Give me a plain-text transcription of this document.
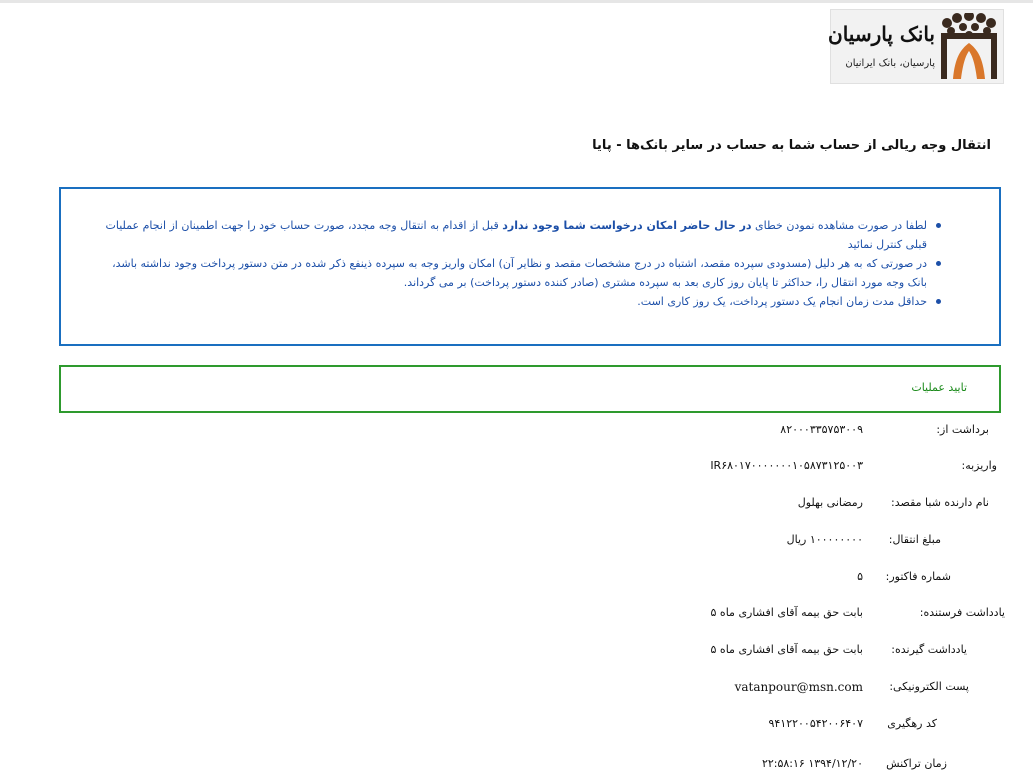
بانک پارسیان
پارسیان، بانک ایرانیان
انتقال وجه ریالی از حساب شما به حساب در سایر بانک‌ها - پایا
لطفا در صورت مشاهده نمودن خطای در حال حاضر امکان درخواست شما وجود ندارد قبل از اقدام به انتقال وجه مجدد، صورت حساب خود را جهت اطمینان از انجام عملیات قبلی کنترل نمائید
در صورتی که به هر دلیل (مسدودی سپرده مقصد، اشتباه در درج مشخصات مقصد و نظایر آن) امکان واریز وجه به سپرده ذینفع ذکر شده در متن دستور پرداخت وجود نداشته باشد، بانک وجه مورد انتقال را، حداکثر تا پایان روز کاری بعد به سپرده مشتری (صادر کننده دستور پرداخت) بر می گرداند.
حداقل مدت زمان انجام یک دستور پرداخت، یک روز کاری است.
تایید عملیات
برداشت از:
۸۲۰۰۰۳۳۵۷۵۳۰۰۹
واریزبه:
IR۶۸۰۱۷۰۰۰۰۰۰۰۱۰۵۸۷۳۱۲۵۰۰۳
نام دارنده شبا مقصد:
رمضانی بهلول
مبلغ انتقال:
۱۰۰۰۰۰۰۰۰ ریال
شماره فاکتور:
۵
یادداشت فرستنده:
بابت حق بیمه آقای افشاری ماه ۵
یادداشت گیرنده:
بابت حق بیمه آقای افشاری ماه ۵
پست الکترونیکی:
vatanpour@msn.com
کد رهگیری
۹۴۱۲۲۰۰۵۴۲۰۰۶۴۰۷
زمان تراکنش
۱۳۹۴/۱۲/۲۰ ۲۲:۵۸:۱۶
